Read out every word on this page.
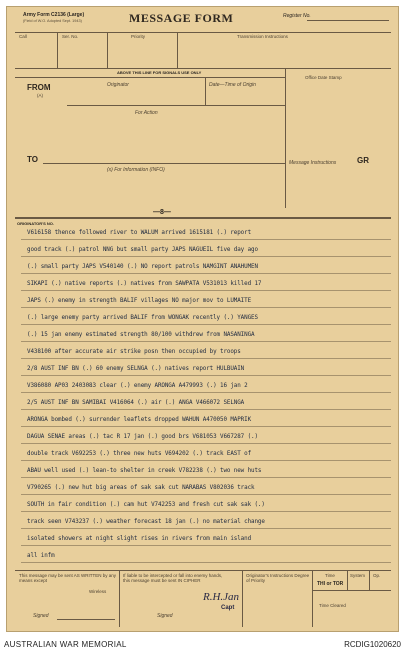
Army Form C2136 (Large)
(Field of W.O. Adopted Sept. 1943)	MESSAGE FORM	Register No.
Call	Ser. No.	Priority	Transmission Instructions
ABOVE THIS LINE FOR SIGNALS USE ONLY
Office Date Stamp
FROM
(A)
Originator	Date—Time of Origin
For Action
TO
(x) For Information (INFO)
Message Instructions	GR
—8—
ORIGINATOR'S NO.
V616158 thence followed river to WALUM arrived 1615181 (.) report
good track (.) patrol NNG but small party JAPS NAGUEIL five day ago
(.) small party JAPS V540140 (.) NO report patrols NAMGINT ANAHUMEN
SIKAPI (.) native reports (.) natives from SAWPATA V531013 killed 17
JAPS (.) enemy in strength BALIF villages NO major mov to LUMAITE
(.) large enemy party arrived BALIF from WONGAK recently (.) YANGES
(.) 15 jan enemy estimated strength 80/100 withdrew from NASANINGA
V438100 after accurate air strike posn then occupied by troops
2/8 AUST INF BN (.) 60 enemy SELNGA (.) natives report HULBUAIN
V386080 AP03 2403083 clear (.) enemy ARONGA A479993 (.) 16 jan 2
2/5 AUST INF BN SAMIBAI V416064 (.) air (.) ANGA V466072 SELNGA
ARONGA bombed (.) surrender leaflets dropped WAHUN A470050 MAPRIK
DAGUA SENAE areas (.) tac R 17 jan (.) good brs V681053 V667287 (.)
double track V692253 (.) three new huts V694202 (.) track EAST of
ABAU well used (.) lean-to shelter in creek V782238 (.) two new huts
V790265 (.) new hut big areas of sak sak cut NARABAS V802036 track
SOUTH in fair condition (.) cam hut V742253 and fresh cut sak sak (.)
track seen V743237 (.) weather forecast 18 jan (.) no material change
isolated showers at night slight rises in rivers from main island
all infm
This message may be sent AS WRITTEN by any means except
Wireless
If liable to be intercepted or fall into enemy hands, this message must be sent IN CIPHER
Originator's Instructions Degree of Priority
Time	System Op.
THI or TOR
Time Cleared
Signed	Signed
R.H.Jan
Capt
AUSTRALIAN WAR MEMORIAL	RCDIG1020620
